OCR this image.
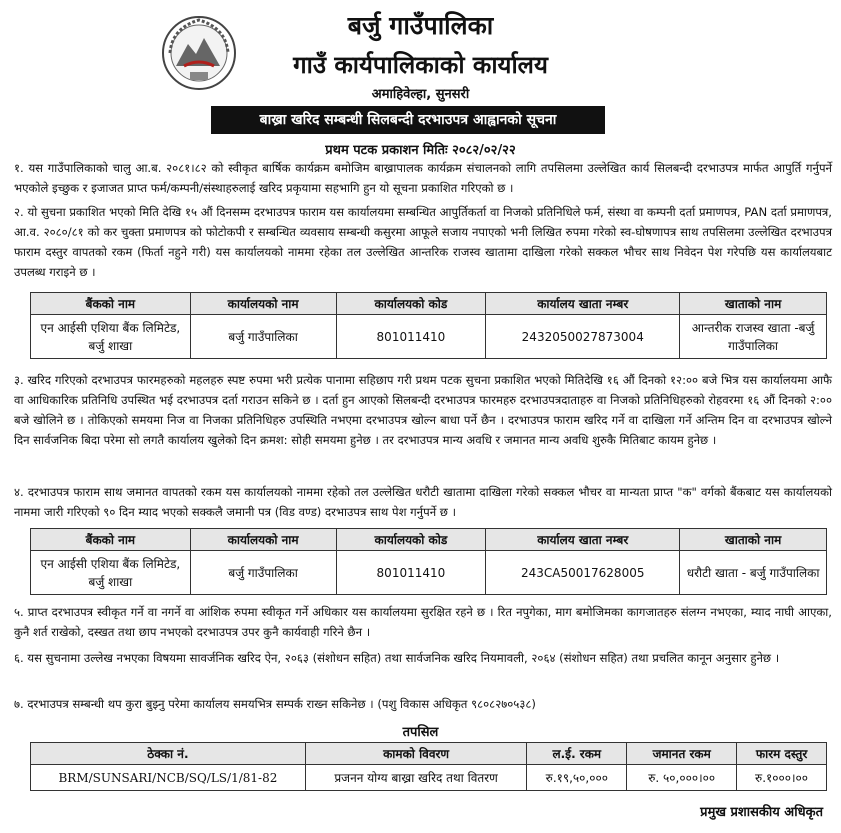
बर्जु गाउँपालिका
गाउँ कार्यपालिकाको कार्यालय
अमाहिवेल्हा, सुनसरी
बाख्रा खरिद सम्बन्धी सिलबन्दी दरभाउपत्र आह्वानको सूचना
प्रथम पटक प्रकाशन मितिः २०८२/०२/२२
१. यस गाउँपालिकाको चालु आ.ब. २०८१।८२ को स्वीकृत बार्षिक कार्यक्रम बमोजिम बाख्रापालक कार्यक्रम संचालनको लागि तपसिलमा उल्लेखित कार्य सिलबन्दी दरभाउपत्र मार्फत आपुर्ति गर्नुपर्ने भएकोले इच्छुक र इजाजत प्राप्त फर्म/कम्पनी/संस्थाहरुलाई खरिद प्रकृयामा सहभागि हुन यो सूचना प्रकाशित गरिएको छ ।
२. यो सुचना प्रकाशित भएको मिति देखि १५ औं दिनसम्म दरभाउपत्र फाराम यस कार्यालयमा सम्बन्धित आपुर्तिकर्ता वा निजको प्रतिनिधिले फर्म, संस्था वा कम्पनी दर्ता प्रमाणपत्र, PAN दर्ता प्रमाणपत्र, आ.व. २०८०/८१ को कर चुक्ता प्रमाणपत्र को फोटोकपी र सम्बन्धित व्यवसाय सम्बन्धी कसुरमा आफूले सजाय नपाएको भनी लिखित रुपमा गरेको स्व-घोषणापत्र साथ तपसिलमा उल्लेखित दरभाउपत्र फाराम दस्तुर वापतको रकम (फिर्ता नहुने गरी) यस कार्यालयको नाममा रहेका तल उल्लेखित आन्तरिक राजस्व खातामा दाखिला गरेको सक्कल भौचर साथ निवेदन पेश गरेपछि यस कार्यालयबाट उपलब्ध गराइने छ ।
बैंकको नाम	कार्यालयको नाम	कार्यालयको कोड	कार्यालय खाता नम्बर	खाताको नाम
एन आईसी एशिया बैंक लिमिटेड, बर्जु शाखा	बर्जु गाउँपालिका	801011410	243205002787300‍4	आन्तरीक राजस्व खाता -बर्जु गाउँपालिका
३. खरिद गरिएको दरभाउपत्र फारमहरुको महलहरु स्पष्ट रुपमा भरी प्रत्येक पानामा सहिछाप गरी प्रथम पटक सुचना प्रकाशित भएको मितिदेखि १६ औं दिनको १२:०० बजे भित्र यस कार्यालयमा आफै वा आधिकारिक प्रतिनिधि उपस्थित भई दरभाउपत्र दर्ता गराउन सकिने छ । दर्ता हुन आएको सिलबन्दी दरभाउपत्र फारमहरु दरभाउपत्रदाताहरु वा निजको प्रतिनिधिहरुको रोहवरमा १६ औं दिनको २:०० बजे खोलिने छ । तोकिएको समयमा निज वा निजका प्रतिनिधिहरु उपस्थिति नभएमा दरभाउपत्र खोल्न बाधा पर्ने छैन । दरभाउपत्र फाराम खरिद गर्ने वा दाखिला गर्ने अन्तिम दिन वा दरभाउपत्र खोल्ने दिन सार्वजनिक बिदा परेमा सो लगतै कार्यालय खुलेको दिन क्रमश: सोही समयमा हुनेछ । तर दरभाउपत्र मान्य अवधि र जमानत मान्य अवधि शुरुकै मितिबाट कायम हुनेछ ।
४. दरभाउपत्र फाराम साथ जमानत वापतको रकम यस कार्यालयको नाममा रहेको तल उल्लेखित धरौटी खातामा दाखिला गरेको सक्कल भौचर वा मान्यता प्राप्त "क" वर्गको बैंकबाट यस कार्यालयको नाममा जारी गरिएको ९० दिन म्याद भएको सक्कलै जमानी पत्र (विड वण्ड) दरभाउपत्र साथ पेश गर्नुपर्ने छ ।
बैंकको नाम	कार्यालयको नाम	कार्यालयको कोड	कार्यालय खाता नम्बर	खाताको नाम
एन आईसी एशिया बैंक लिमिटेड, बर्जु शाखा	बर्जु गाउँपालिका	801011410	243CA50017628005	धरौटी खाता - बर्जु गाउँपालिका
५. प्राप्त दरभाउपत्र स्वीकृत गर्ने वा नगर्ने वा आंशिक रुपमा स्वीकृत गर्ने अधिकार यस कार्यालयमा सुरक्षित रहने छ । रित नपुगेका, माग बमोजिमका कागजातहरु संलग्न नभएका, म्याद नाघी आएका, कुनै शर्त राखेको, दस्खत तथा छाप नभएको दरभाउपत्र उपर कुनै कार्यवाही गरिने छैन ।
६. यस सुचनामा उल्लेख नभएका विषयमा सावर्जनिक खरिद ऐन, २०६३ (संशोधन सहित) तथा सार्वजनिक खरिद नियमावली, २०६४ (संशोधन सहित) तथा प्रचलित कानून अनुसार हुनेछ ।
७. दरभाउपत्र सम्बन्धी थप कुरा बुझ्नु परेमा कार्यालय समयभित्र सम्पर्क राख्न सकिनेछ । (पशु विकास अधिकृत ९८०८२७०५३८)
तपसिल
ठेक्का नं.	कामको विवरण	ल.ई. रकम	जमानत रकम	फारम दस्तुर
BRM/SUNSARI/NCB/SQ/LS/1/81-82	प्रजनन योग्य बाख्रा खरिद तथा वितरण	रु.१९,५०,०००	रु. ५०,०००।००	रु.१०००।००
प्रमुख प्रशासकीय अधिकृत
